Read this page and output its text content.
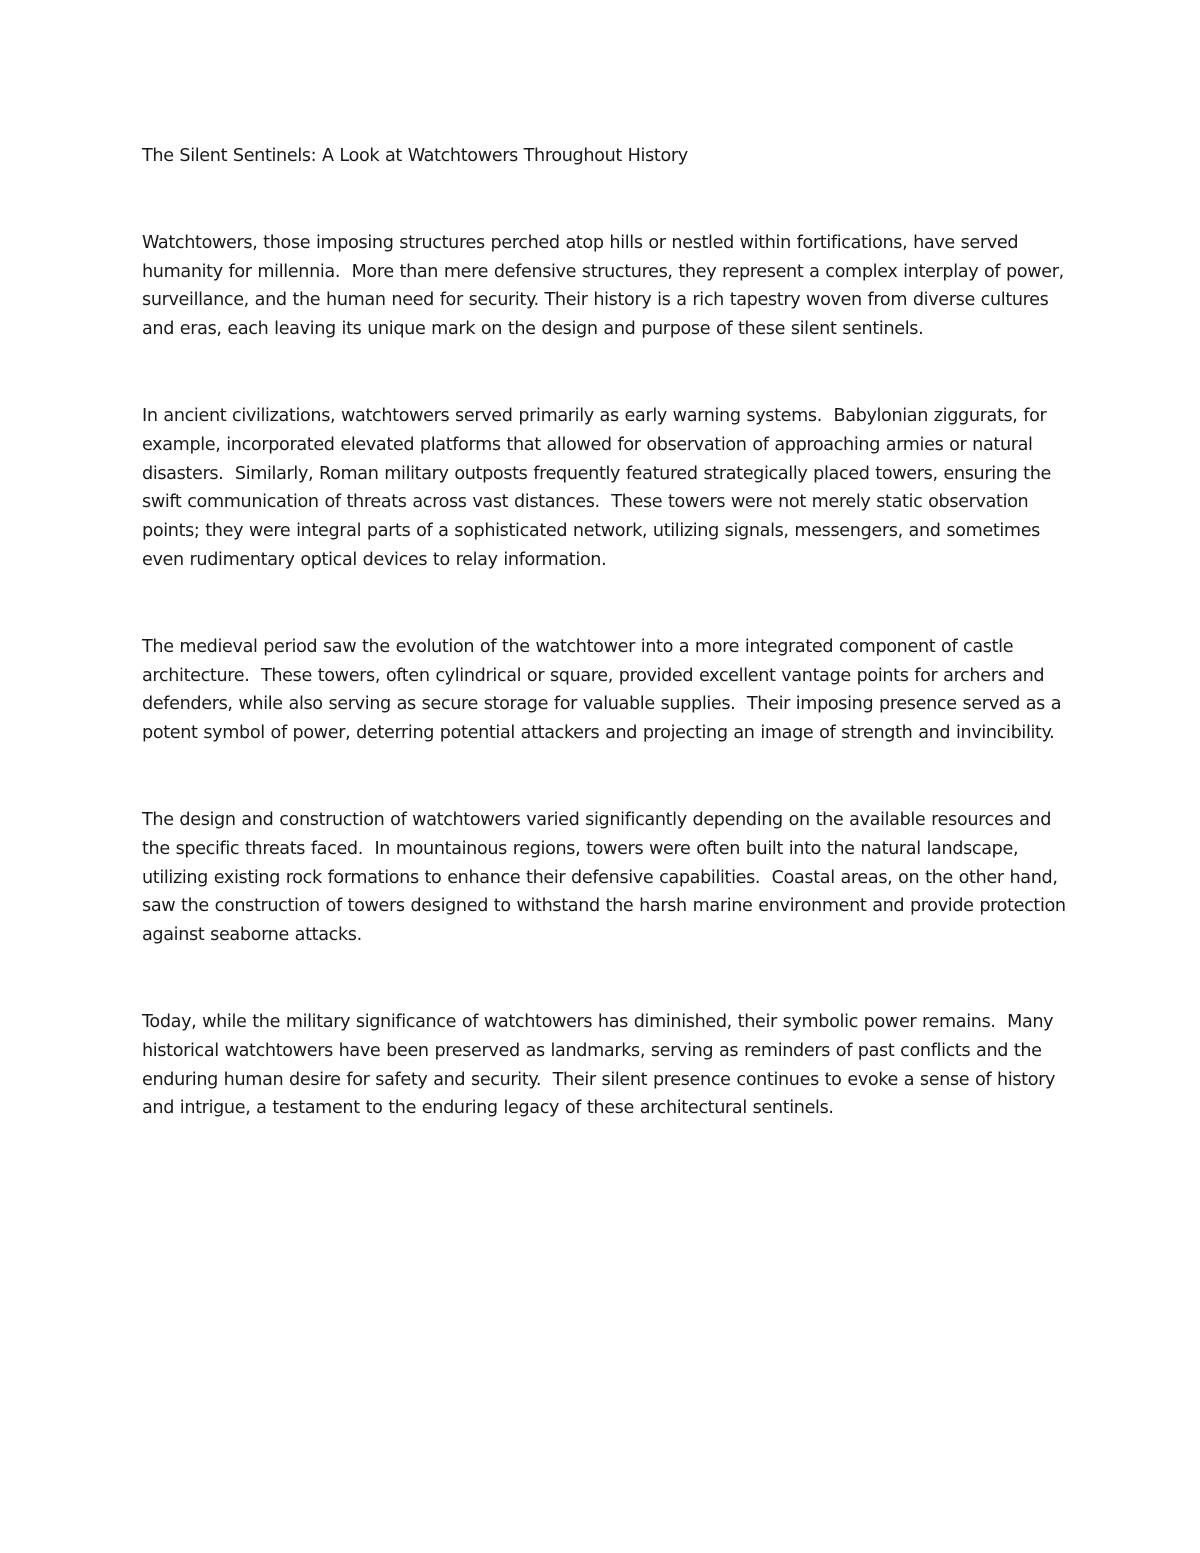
The Silent Sentinels: A Look at Watchtowers Throughout History

Watchtowers, those imposing structures perched atop hills or nestled within fortifications, have served humanity for millennia.  More than mere defensive structures, they represent a complex interplay of power, surveillance, and the human need for security. Their history is a rich tapestry woven from diverse cultures and eras, each leaving its unique mark on the design and purpose of these silent sentinels.

In ancient civilizations, watchtowers served primarily as early warning systems.  Babylonian ziggurats, for example, incorporated elevated platforms that allowed for observation of approaching armies or natural disasters.  Similarly, Roman military outposts frequently featured strategically placed towers, ensuring the swift communication of threats across vast distances.  These towers were not merely static observation points; they were integral parts of a sophisticated network, utilizing signals, messengers, and sometimes even rudimentary optical devices to relay information.

The medieval period saw the evolution of the watchtower into a more integrated component of castle architecture.  These towers, often cylindrical or square, provided excellent vantage points for archers and defenders, while also serving as secure storage for valuable supplies.  Their imposing presence served as a potent symbol of power, deterring potential attackers and projecting an image of strength and invincibility.

The design and construction of watchtowers varied significantly depending on the available resources and the specific threats faced.  In mountainous regions, towers were often built into the natural landscape, utilizing existing rock formations to enhance their defensive capabilities.  Coastal areas, on the other hand, saw the construction of towers designed to withstand the harsh marine environment and provide protection against seaborne attacks.

Today, while the military significance of watchtowers has diminished, their symbolic power remains.  Many historical watchtowers have been preserved as landmarks, serving as reminders of past conflicts and the enduring human desire for safety and security.  Their silent presence continues to evoke a sense of history and intrigue, a testament to the enduring legacy of these architectural sentinels.
